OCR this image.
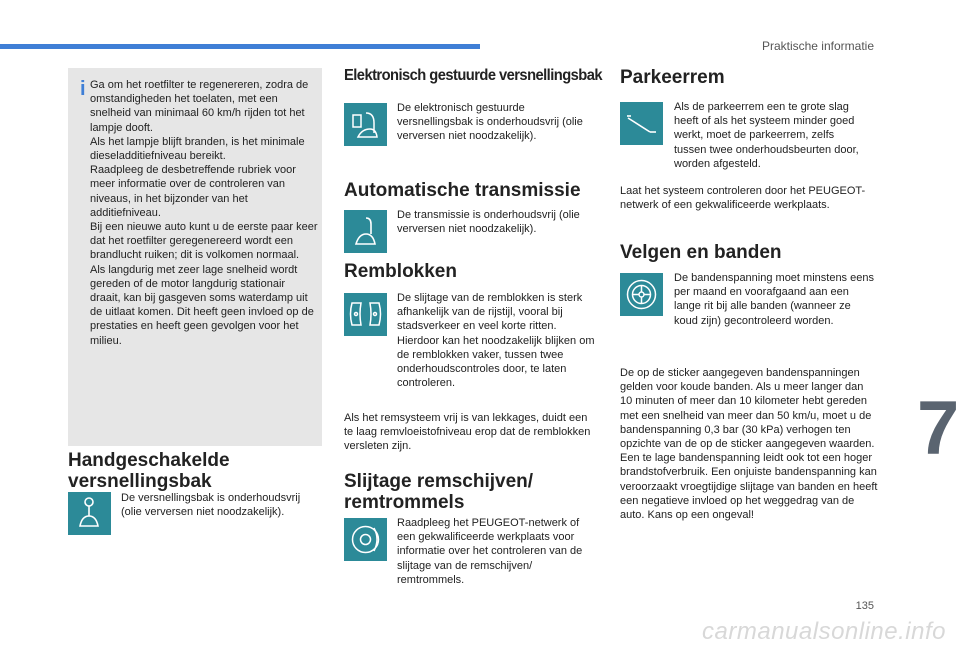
Praktische informatie
7
135
carmanualsonline.info
i Ga om het roetfilter te regenereren, zodra de omstandigheden het toelaten, met een snelheid van minimaal 60 km/h rijden tot het lampje dooft.
Als het lampje blijft branden, is het minimale dieseladditiefniveau bereikt.
Raadpleeg de desbetreffende rubriek voor meer informatie over de controleren van niveaus, in het bijzonder van het additiefniveau.
Bij een nieuwe auto kunt u de eerste paar keer dat het roetfilter geregenereerd wordt een brandlucht ruiken; dit is volkomen normaal.
Als langdurig met zeer lage snelheid wordt gereden of de motor langdurig stationair draait, kan bij gasgeven soms waterdamp uit de uitlaat komen. Dit heeft geen invloed op de prestaties en heeft geen gevolgen voor het milieu.
Handgeschakelde
versnellingsbak
De versnellingsbak is onderhoudsvrij (olie verversen niet noodzakelijk).
Elektronisch gestuurde versnellingsbak
De elektronisch gestuurde versnellingsbak is onderhoudsvrij (olie verversen niet noodzakelijk).
Automatische transmissie
De transmissie is onderhoudsvrij (olie verversen niet noodzakelijk).
Remblokken
De slijtage van de remblokken is sterk afhankelijk van de rijstijl, vooral bij stadsverkeer en veel korte ritten. Hierdoor kan het noodzakelijk blijken om de remblokken vaker, tussen twee onderhoudscontroles door, te laten controleren.
Als het remsysteem vrij is van lekkages, duidt een te laag remvloeistofniveau erop dat de remblokken versleten zijn.
Slijtage remschijven/
remtrommels
Raadpleeg het PEUGEOT-netwerk of een gekwalificeerde werkplaats voor informatie over het controleren van de slijtage van de remschijven/ remtrommels.
Parkeerrem
Als de parkeerrem een te grote slag heeft of als het systeem minder goed werkt, moet de parkeerrem, zelfs tussen twee onderhoudsbeurten door, worden afgesteld.
Laat het systeem controleren door het PEUGEOT-netwerk of een gekwalificeerde werkplaats.
Velgen en banden
De bandenspanning moet minstens eens per maand en voorafgaand aan een lange rit bij alle banden (wanneer ze koud zijn) gecontroleerd worden.
De op de sticker aangegeven bandenspanningen gelden voor koude banden. Als u meer langer dan 10 minuten of meer dan 10 kilometer hebt gereden met een snelheid van meer dan 50 km/u, moet u de bandenspanning 0,3 bar (30 kPa) verhogen ten opzichte van de op de sticker aangegeven waarden.
Een te lage bandenspanning leidt ook tot een hoger brandstofverbruik. Een onjuiste bandenspanning kan veroorzaakt vroegtijdige slijtage van banden en heeft een negatieve invloed op het weggedrag van de auto. Kans op een ongeval!
